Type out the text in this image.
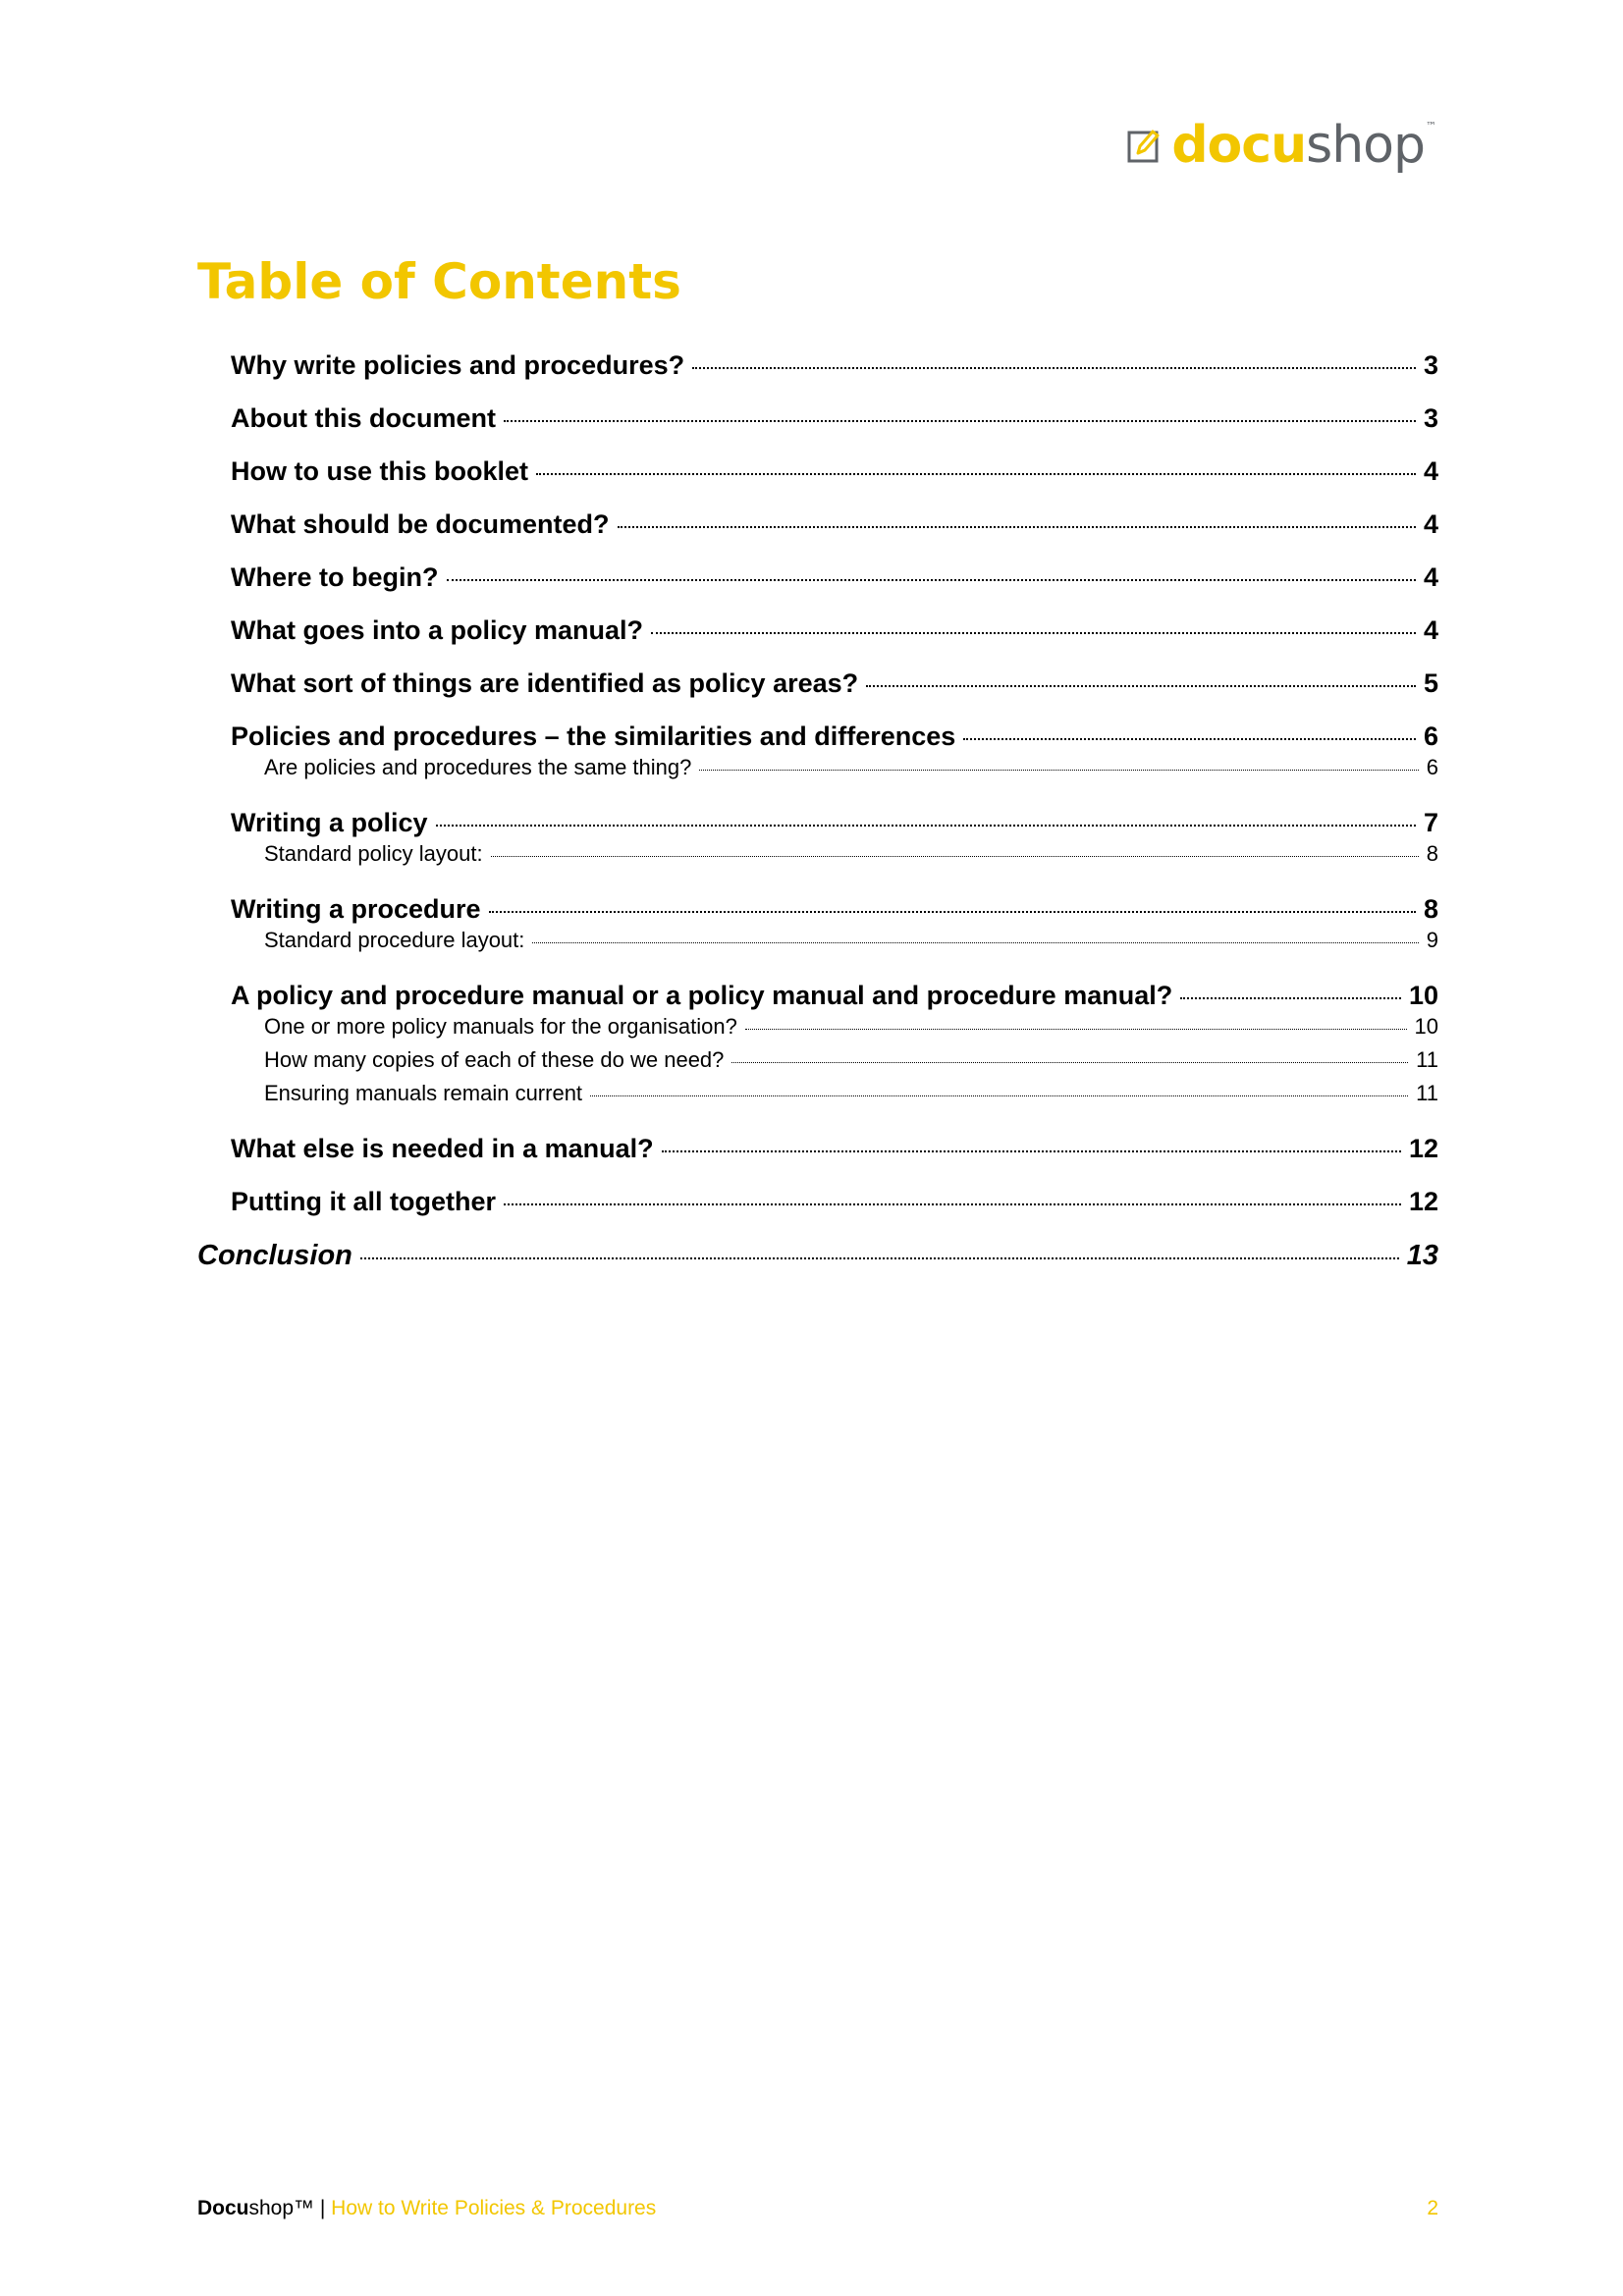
docushop ™
Table of Contents
Why write policies and procedures?	3
About this document	3
How to use this booklet	4
What should be documented?	4
Where to begin?	4
What goes into a policy manual?	4
What sort of things are identified as policy areas?	5
Policies and procedures – the similarities and differences	6
Are policies and procedures the same thing?	6
Writing a policy	7
Standard policy layout:	8
Writing a procedure	8
Standard procedure layout:	9
A policy and procedure manual or a policy manual and procedure manual?	10
One or more policy manuals for the organisation?	10
How many copies of each of these do we need?	11
Ensuring manuals remain current	11
What else is needed in a manual?	12
Putting it all together	12
Conclusion	13
Docushop™ | How to Write Policies & Procedures	2
